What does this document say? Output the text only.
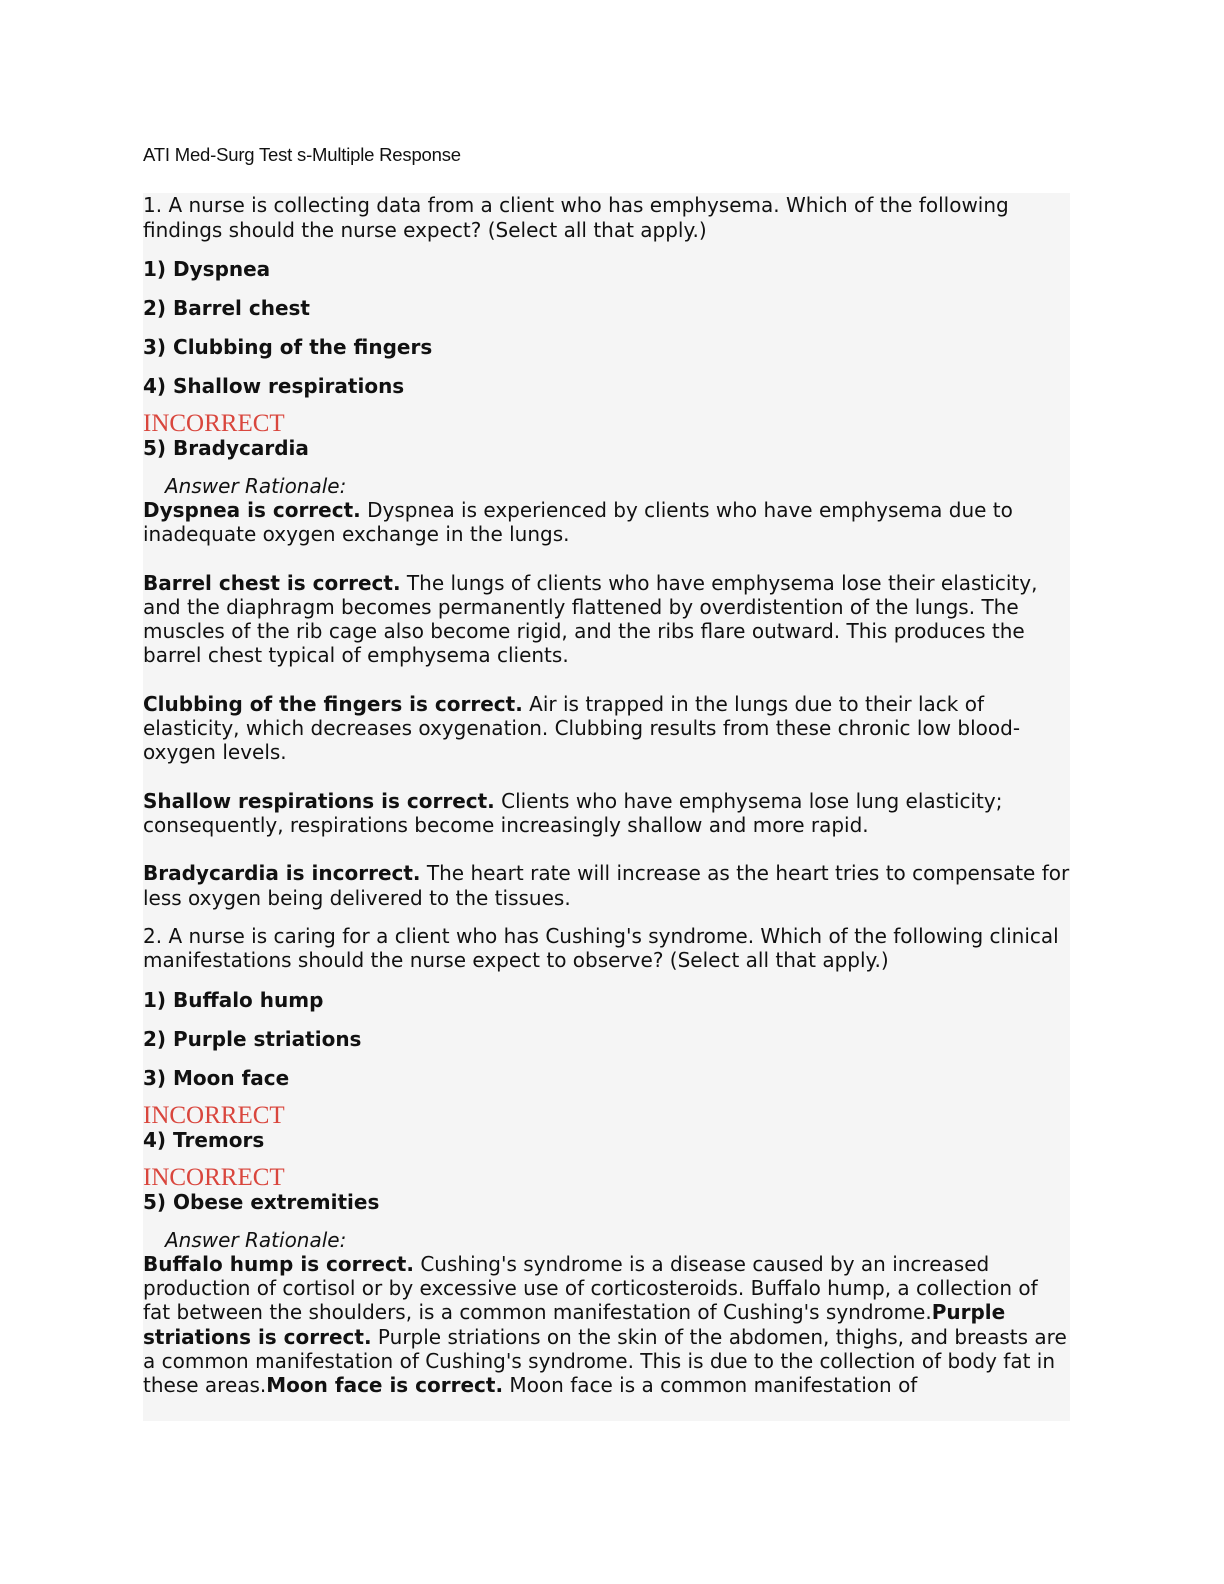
ATI Med-Surg Test s-Multiple Response

1. A nurse is collecting data from a client who has emphysema. Which of the following findings should the nurse expect? (Select all that apply.)

1) Dyspnea

2) Barrel chest

3) Clubbing of the fingers

4) Shallow respirations

INCORRECT

5) Bradycardia

Answer Rationale:

Dyspnea is correct. Dyspnea is experienced by clients who have emphysema due to inadequate oxygen exchange in the lungs.

Barrel chest is correct. The lungs of clients who have emphysema lose their elasticity, and the diaphragm becomes permanently flattened by overdistention of the lungs. The muscles of the rib cage also become rigid, and the ribs flare outward. This produces the barrel chest typical of emphysema clients.

Clubbing of the fingers is correct. Air is trapped in the lungs due to their lack of elasticity, which decreases oxygenation. Clubbing results from these chronic low blood-oxygen levels.

Shallow respirations is correct. Clients who have emphysema lose lung elasticity; consequently, respirations become increasingly shallow and more rapid.

Bradycardia is incorrect. The heart rate will increase as the heart tries to compensate for less oxygen being delivered to the tissues.

2. A nurse is caring for a client who has Cushing's syndrome. Which of the following clinical manifestations should the nurse expect to observe? (Select all that apply.)

1) Buffalo hump

2) Purple striations

3) Moon face

INCORRECT

4) Tremors

INCORRECT

5) Obese extremities

Answer Rationale:

Buffalo hump is correct. Cushing's syndrome is a disease caused by an increased production of cortisol or by excessive use of corticosteroids. Buffalo hump, a collection of fat between the shoulders, is a common manifestation of Cushing's syndrome.Purple striations is correct. Purple striations on the skin of the abdomen, thighs, and breasts are a common manifestation of Cushing's syndrome. This is due to the collection of body fat in these areas.Moon face is correct. Moon face is a common manifestation of
